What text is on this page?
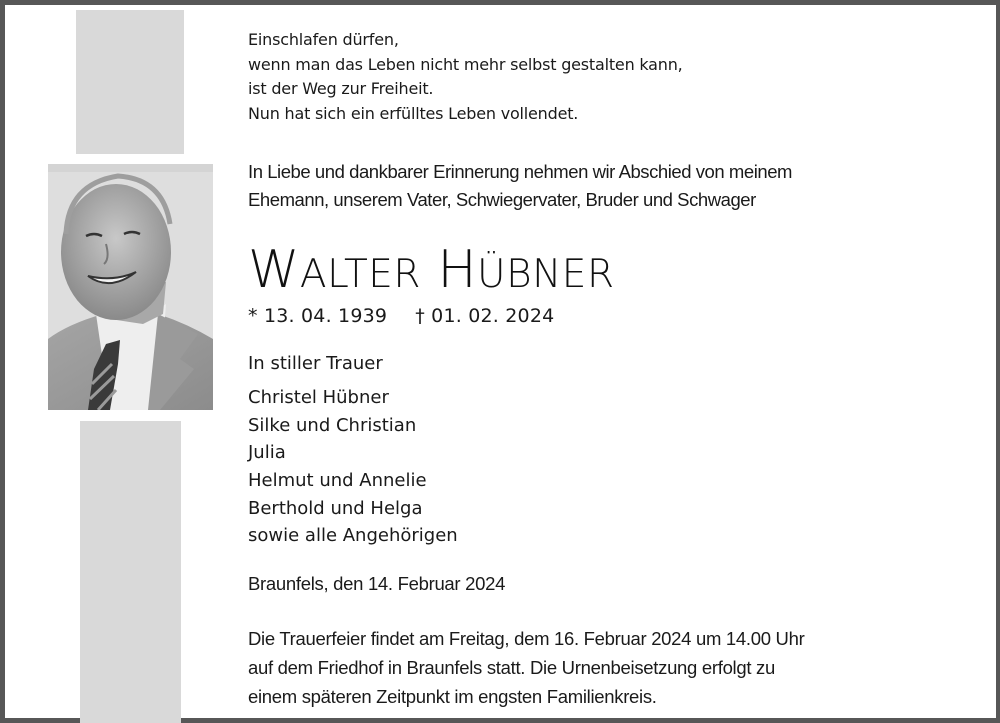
Einschlafen dürfen,
wenn man das Leben nicht mehr selbst gestalten kann,
ist der Weg zur Freiheit.
Nun hat sich ein erfülltes Leben vollendet.
In Liebe und dankbarer Erinnerung nehmen wir Abschied von meinem
Ehemann, unserem Vater, Schwiegervater, Bruder und Schwager
WALTER HÜBNER
* 13. 04. 1939 † 01. 02. 2024
In stiller Trauer
Christel Hübner
Silke und Christian
Julia
Helmut und Annelie
Berthold und Helga
sowie alle Angehörigen
Braunfels, den 14. Februar 2024
Die Trauerfeier findet am Freitag, dem 16. Februar 2024 um 14.00 Uhr
auf dem Friedhof in Braunfels statt. Die Urnenbeisetzung erfolgt zu
einem späteren Zeitpunkt im engsten Familienkreis.
